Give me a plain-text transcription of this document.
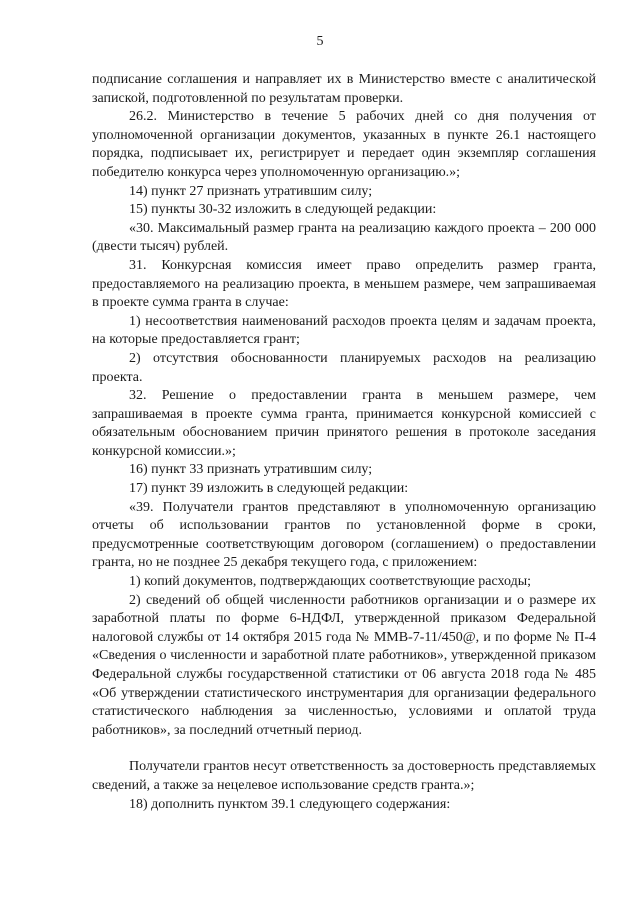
5

подписание соглашения и направляет их в Министерство вместе с аналитической запиской, подготовленной по результатам проверки.

26.2. Министерство в течение 5 рабочих дней со дня получения от уполномоченной организации документов, указанных в пункте 26.1 настоящего порядка, подписывает их, регистрирует и передает один экземпляр соглашения победителю конкурса через уполномоченную организацию.»;

14) пункт 27 признать утратившим силу;

15) пункты 30-32 изложить в следующей редакции:

«30. Максимальный размер гранта на реализацию каждого проекта – 200 000 (двести тысяч) рублей.

31. Конкурсная комиссия имеет право определить размер гранта, предоставляемого на реализацию проекта, в меньшем размере, чем запрашиваемая в проекте сумма гранта в случае:

1) несоответствия наименований расходов проекта целям и задачам проекта, на которые предоставляется грант;

2) отсутствия обоснованности планируемых расходов на реализацию проекта.

32. Решение о предоставлении гранта в меньшем размере, чем запрашиваемая в проекте сумма гранта, принимается конкурсной комиссией с обязательным обоснованием причин принятого решения в протоколе заседания конкурсной комиссии.»;

16) пункт 33 признать утратившим силу;

17) пункт 39 изложить в следующей редакции:

«39. Получатели грантов представляют в уполномоченную организацию отчеты об использовании грантов по установленной форме в сроки, предусмотренные соответствующим договором (соглашением) о предоставлении гранта, но не позднее 25 декабря текущего года, с приложением:

1) копий документов, подтверждающих соответствующие расходы;

2) сведений об общей численности работников организации и о размере их заработной платы по форме 6-НДФЛ, утвержденной приказом Федеральной налоговой службы от 14 октября 2015 года № ММВ-7-11/450@, и по форме № П-4 «Сведения о численности и заработной плате работников», утвержденной приказом Федеральной службы государственной статистики от 06 августа 2018 года № 485 «Об утверждении статистического инструментария для организации федерального статистического наблюдения за численностью, условиями и оплатой труда работников», за последний отчетный период.

Получатели грантов несут ответственность за достоверность представляемых сведений, а также за нецелевое использование средств гранта.»;

18) дополнить пунктом 39.1 следующего содержания:
